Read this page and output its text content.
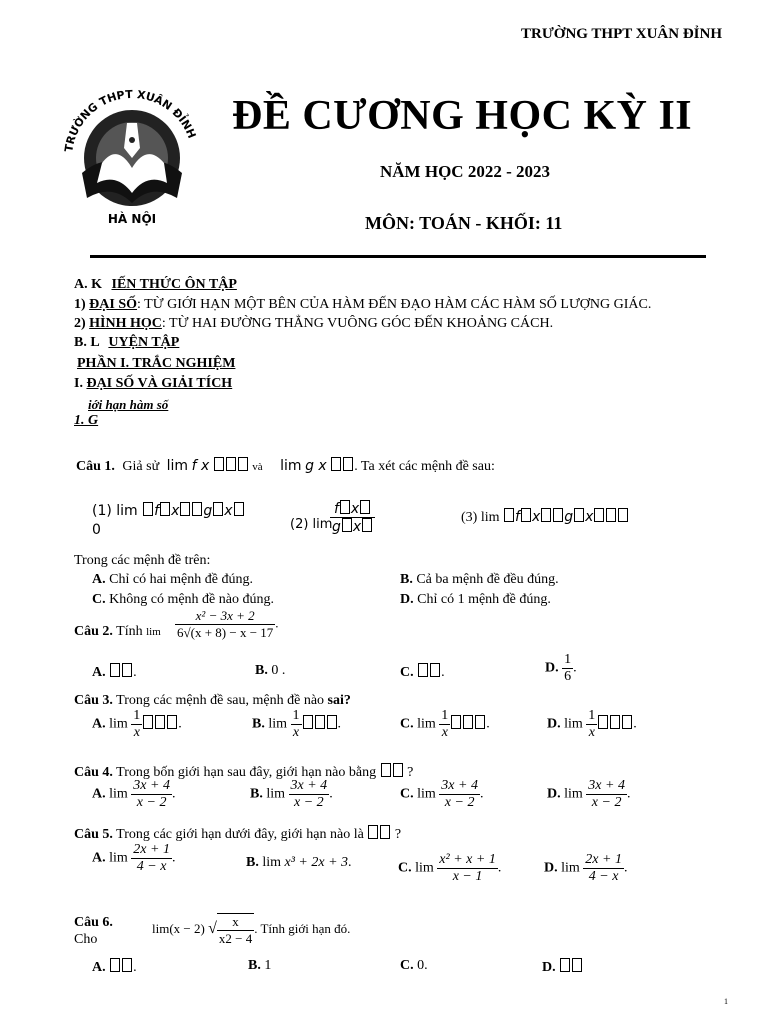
TRƯỜNG THPT XUÂN ĐỈNH
TRƯỜNG THPT XUÂN ĐỈNH
HÀ NỘI
ĐỀ CƯƠNG HỌC KỲ II
NĂM HỌC 2022 - 2023
MÔN: TOÁN - KHỐI: 11
A. K IẾN THỨC ÔN TẬP
1) ĐẠI SỐ: TỪ GIỚI HẠN MỘT BÊN CỦA HÀM ĐẾN ĐẠO HÀM CÁC HÀM SỐ LƯỢNG GIÁC.
2) HÌNH HỌC: TỪ HAI ĐƯỜNG THẲNG VUÔNG GÓC ĐẾN KHOẢNG CÁCH.
B. L UYỆN TẬP
PHẦN I. TRẮC NGHIỆM
I. ĐẠI SỐ VÀ GIẢI TÍCH
iới hạn hàm số
1. G
Câu 1. Giả sử lim f x	và lim g x . Ta xét các mệnh đề sau:
(1) lim f x g x
0	(2) lim
$\frac{\text{f x}}{\text{g x}}$	(3) lim f x g x
Trong các mệnh đề trên:
A. Chỉ có hai mệnh đề đúng.	B. Cả ba mệnh đề đều đúng.
C. Không có mệnh đề nào đúng.	D. Chỉ có 1 mệnh đề đúng.
Câu 2. Tính $\lim \frac{\text{x² − 3x + 2}}{6√(x + 8) - x - 17}$ .
A. .	B. 0 .	C. .	D. $\frac{1}{6}$ .
Câu 3. Trong các mệnh đề sau, mệnh đề nào sai?
A. $\lim \frac{1}{x}$	.	B. $\lim \frac{1}{x}$	.	C. $\lim \frac{1}{x}$	.	D. $\lim \frac{1}{x}$	.
Câu 4. Trong bốn giới hạn sau đây, giới hạn nào bằng ?
A. $\lim \frac{3x + 4}{x - 2}$ .	B. $\lim \frac{3x + 4}{x - 2}$ .	C. $\lim \frac{3x + 4}{x - 2}$ .	D. $\lim \frac{3x + 4}{x - 2}$ .
Câu 5. Trong các giới hạn dưới đây, giới hạn nào là ?
A. $\lim \frac{2x + 1}{4 - x}$ .	B. lim x³ + 2x + 3.	C. $\lim \frac{\text{x² + x + 1}}{x - 1}$ .	D. $\lim \frac{2x + 1}{4 - x}$ .
Câu 6.
Cho
lim(x − 2) √ $\frac{x}{x2 - 4}$ . Tính giới hạn đó.
A. .	B. 1	C. 0.	D.
1
